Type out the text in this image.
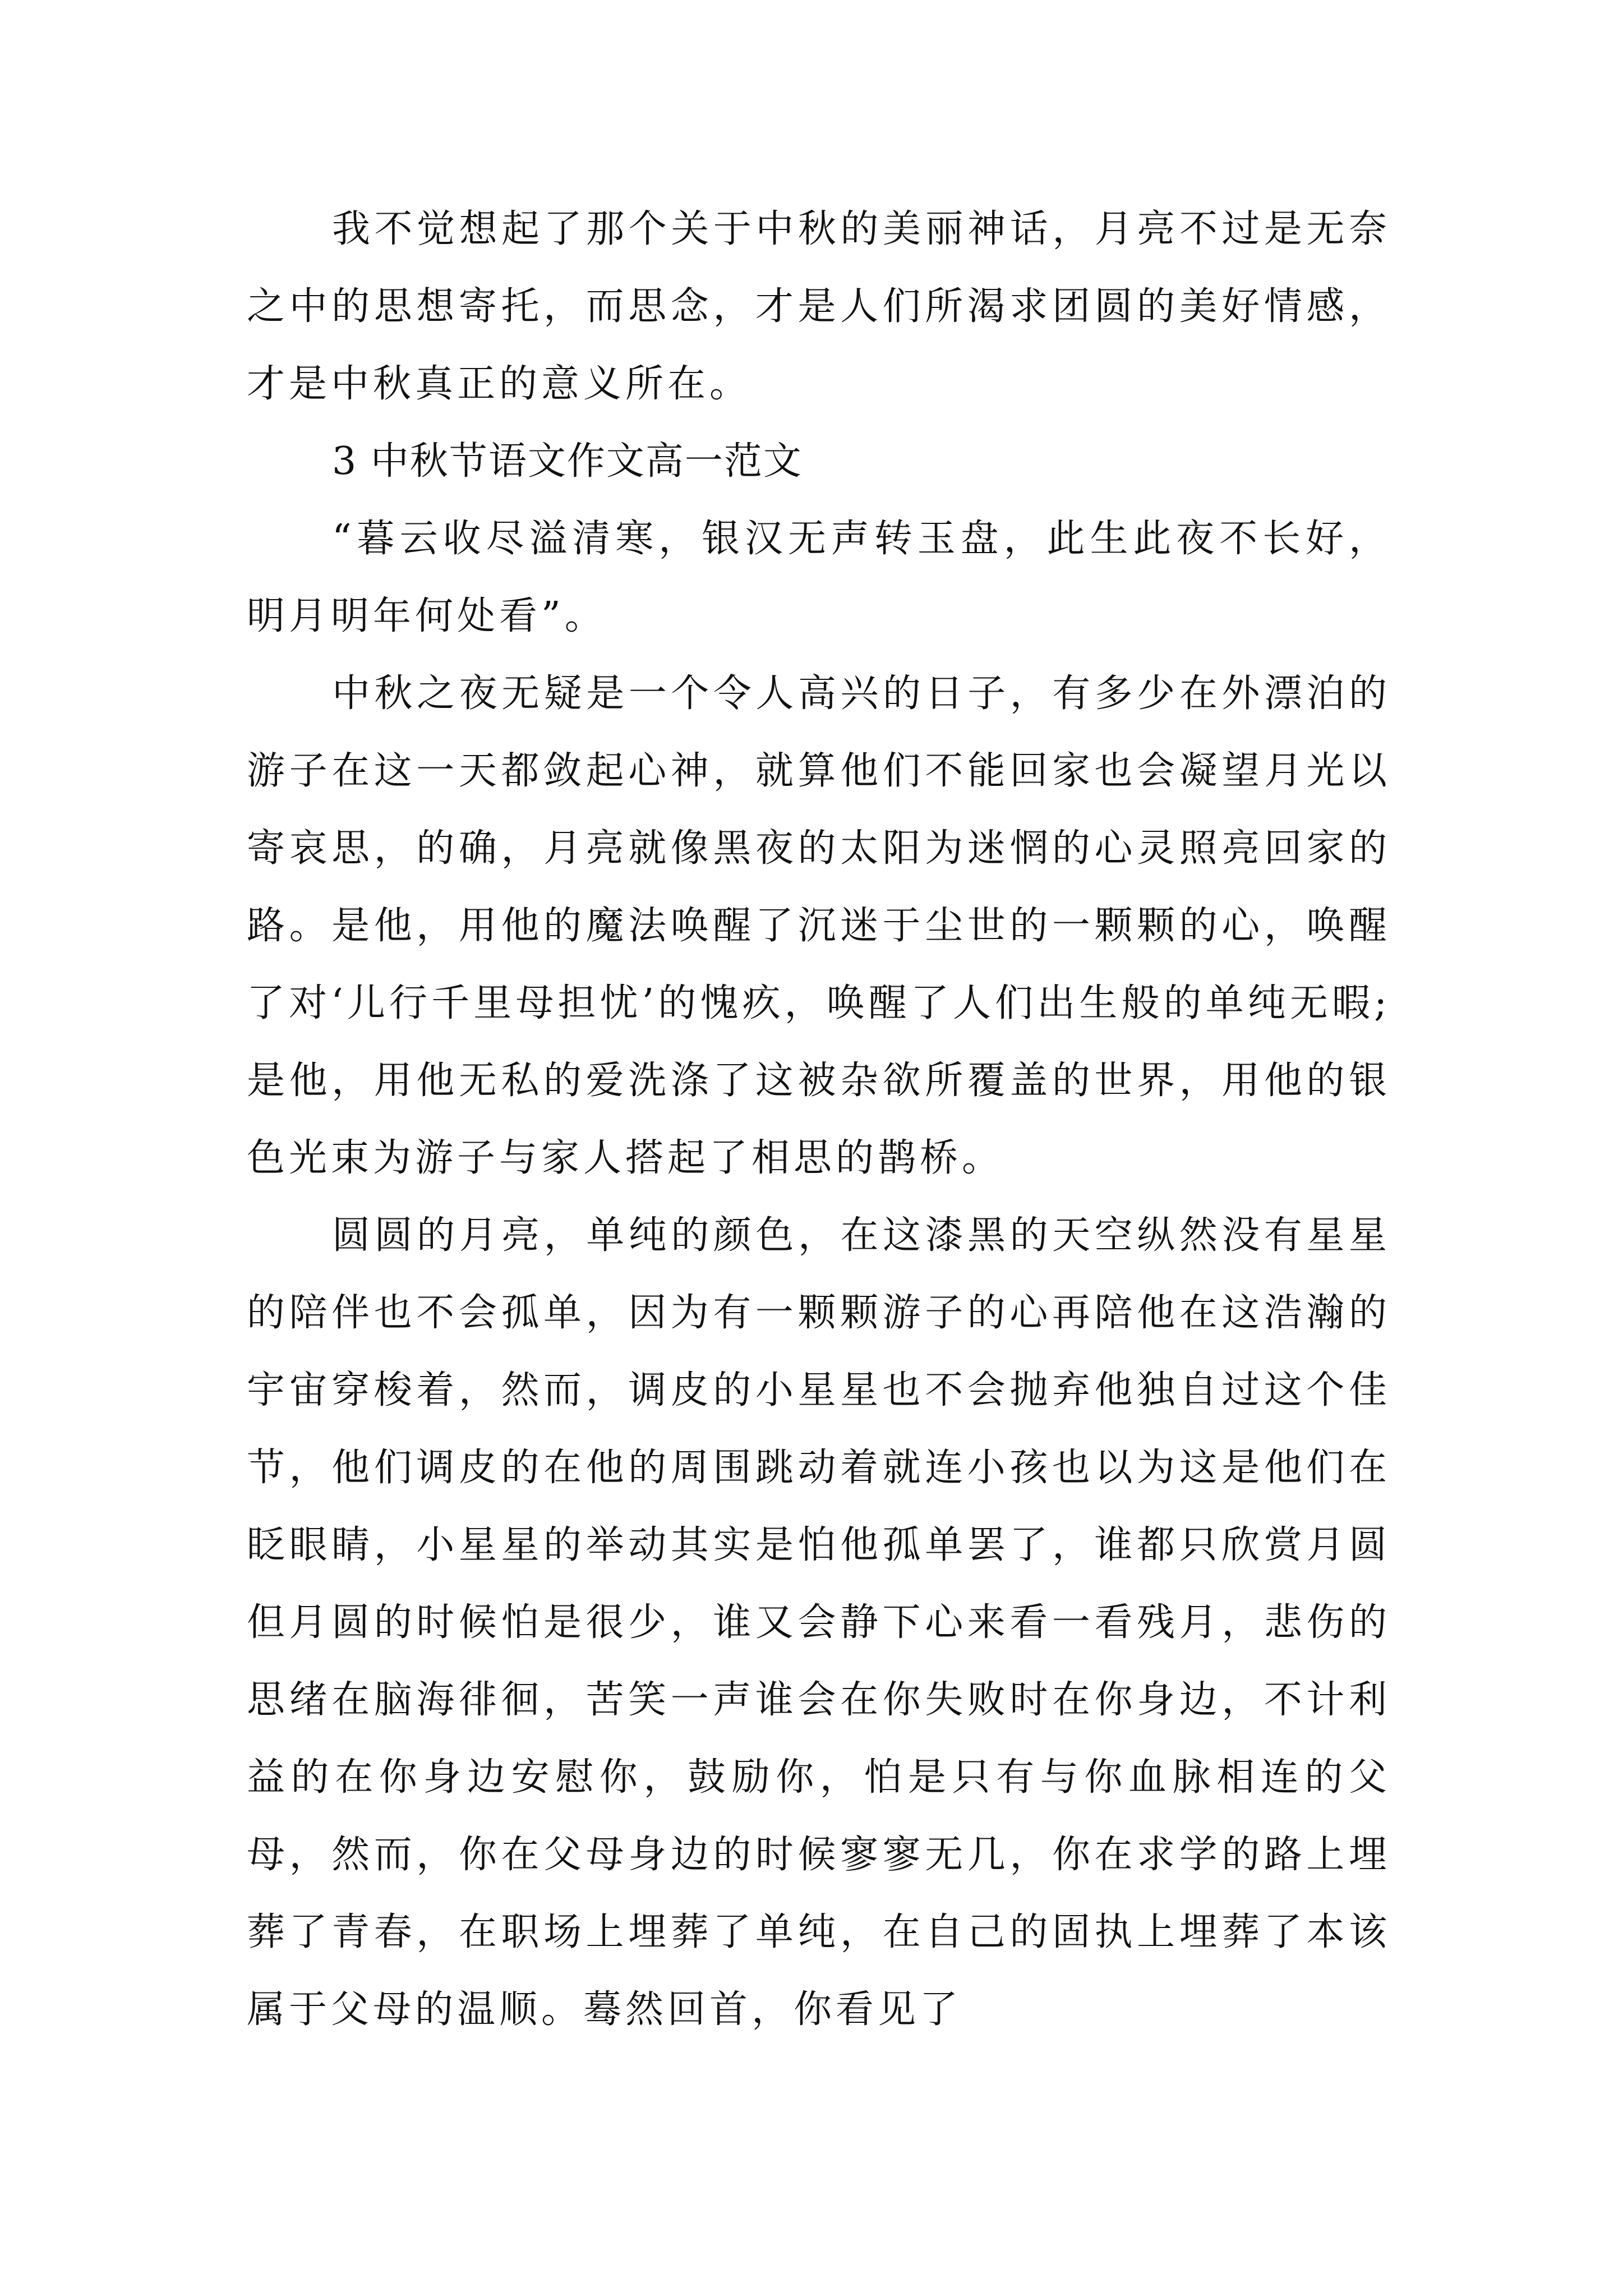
我不觉想起了那个关于中秋的美丽神话，月亮不过是无奈之中的思想寄托，而思念，才是人们所渴求团圆的美好情感，才是中秋真正的意义所在。

3 中秋节语文作文高一范文

“暮云收尽溢清寒，银汉无声转玉盘，此生此夜不长好，明月明年何处看”。

中秋之夜无疑是一个令人高兴的日子，有多少在外漂泊的游子在这一天都敛起心神，就算他们不能回家也会凝望月光以寄哀思，的确，月亮就像黑夜的太阳为迷惘的心灵照亮回家的路。是他，用他的魔法唤醒了沉迷于尘世的一颗颗的心，唤醒了对‘儿行千里母担忧’的愧疚，唤醒了人们出生般的单纯无暇;是他，用他无私的爱洗涤了这被杂欲所覆盖的世界，用他的银色光束为游子与家人搭起了相思的鹊桥。

圆圆的月亮，单纯的颜色，在这漆黑的天空纵然没有星星的陪伴也不会孤单，因为有一颗颗游子的心再陪他在这浩瀚的宇宙穿梭着，然而，调皮的小星星也不会抛弃他独自过这个佳节，他们调皮的在他的周围跳动着就连小孩也以为这是他们在眨眼睛，小星星的举动其实是怕他孤单罢了，谁都只欣赏月圆但月圆的时候怕是很少，谁又会静下心来看一看残月，悲伤的思绪在脑海徘徊，苦笑一声谁会在你失败时在你身边，不计利益的在你身边安慰你，鼓励你，怕是只有与你血脉相连的父母，然而，你在父母身边的时候寥寥无几，你在求学的路上埋葬了青春，在职场上埋葬了单纯，在自己的固执上埋葬了本该属于父母的温顺。蓦然回首，你看见了
